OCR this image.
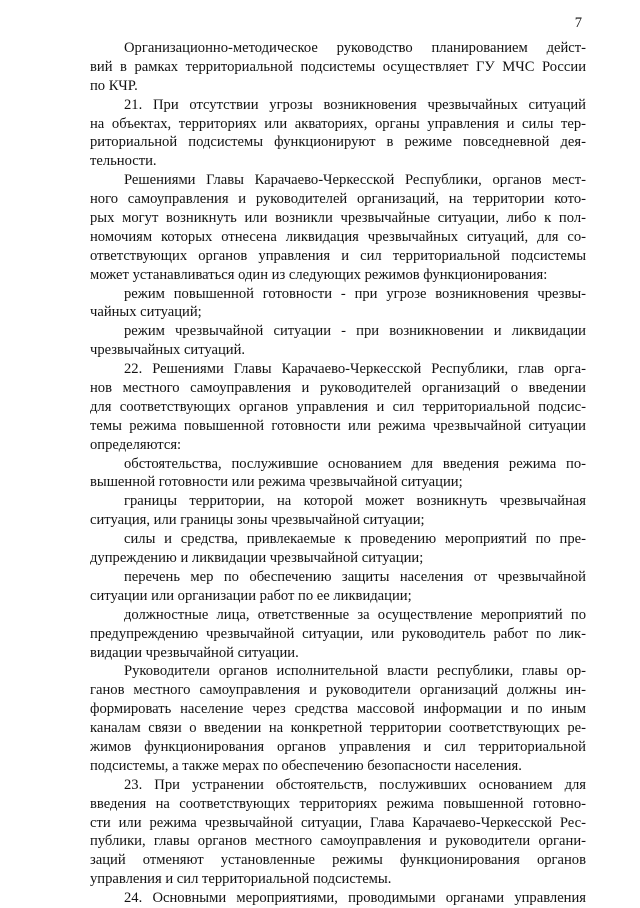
7
Организационно-методическое руководство планированием дейст-
вий в рамках территориальной подсистемы осуществляет ГУ МЧС России
по КЧР.
21. При отсутствии угрозы возникновения чрезвычайных ситуаций
на объектах, территориях или акваториях, органы управления и силы тер-
риториальной подсистемы функционируют в режиме повседневной дея-
тельности.
Решениями Главы Карачаево-Черкесской Республики, органов мест-
ного самоуправления и руководителей организаций, на территории кото-
рых могут возникнуть или возникли чрезвычайные ситуации, либо к пол-
номочиям которых отнесена ликвидация чрезвычайных ситуаций, для со-
ответствующих органов управления и сил территориальной подсистемы
может устанавливаться один из следующих режимов функционирования:
режим повышенной готовности - при угрозе возникновения чрезвы-
чайных ситуаций;
режим чрезвычайной ситуации - при возникновении и ликвидации
чрезвычайных ситуаций.
22. Решениями Главы Карачаево-Черкесской Республики, глав орга-
нов местного самоуправления и руководителей организаций о введении
для соответствующих органов управления и сил территориальной подсис-
темы режима повышенной готовности или режима чрезвычайной ситуации
определяются:
обстоятельства, послужившие основанием для введения режима по-
вышенной готовности или режима чрезвычайной ситуации;
границы территории, на которой может возникнуть чрезвычайная
ситуация, или границы зоны чрезвычайной ситуации;
силы и средства, привлекаемые к проведению мероприятий по пре-
дупреждению и ликвидации чрезвычайной ситуации;
перечень мер по обеспечению защиты населения от чрезвычайной
ситуации или организации работ по ее ликвидации;
должностные лица, ответственные за осуществление мероприятий по
предупреждению чрезвычайной ситуации, или руководитель работ по лик-
видации чрезвычайной ситуации.
Руководители органов исполнительной власти республики, главы ор-
ганов местного самоуправления и руководители организаций должны ин-
формировать население через средства массовой информации и по иным
каналам связи о введении на конкретной территории соответствующих ре-
жимов функционирования органов управления и сил территориальной
подсистемы, а также мерах по обеспечению безопасности населения.
23. При устранении обстоятельств, послуживших основанием для
введения на соответствующих территориях режима повышенной готовно-
сти или режима чрезвычайной ситуации, Глава Карачаево-Черкесской Рес-
публики, главы органов местного самоуправления и руководители органи-
заций отменяют установленные режимы функционирования органов
управления и сил территориальной подсистемы.
24. Основными мероприятиями, проводимыми органами управления
